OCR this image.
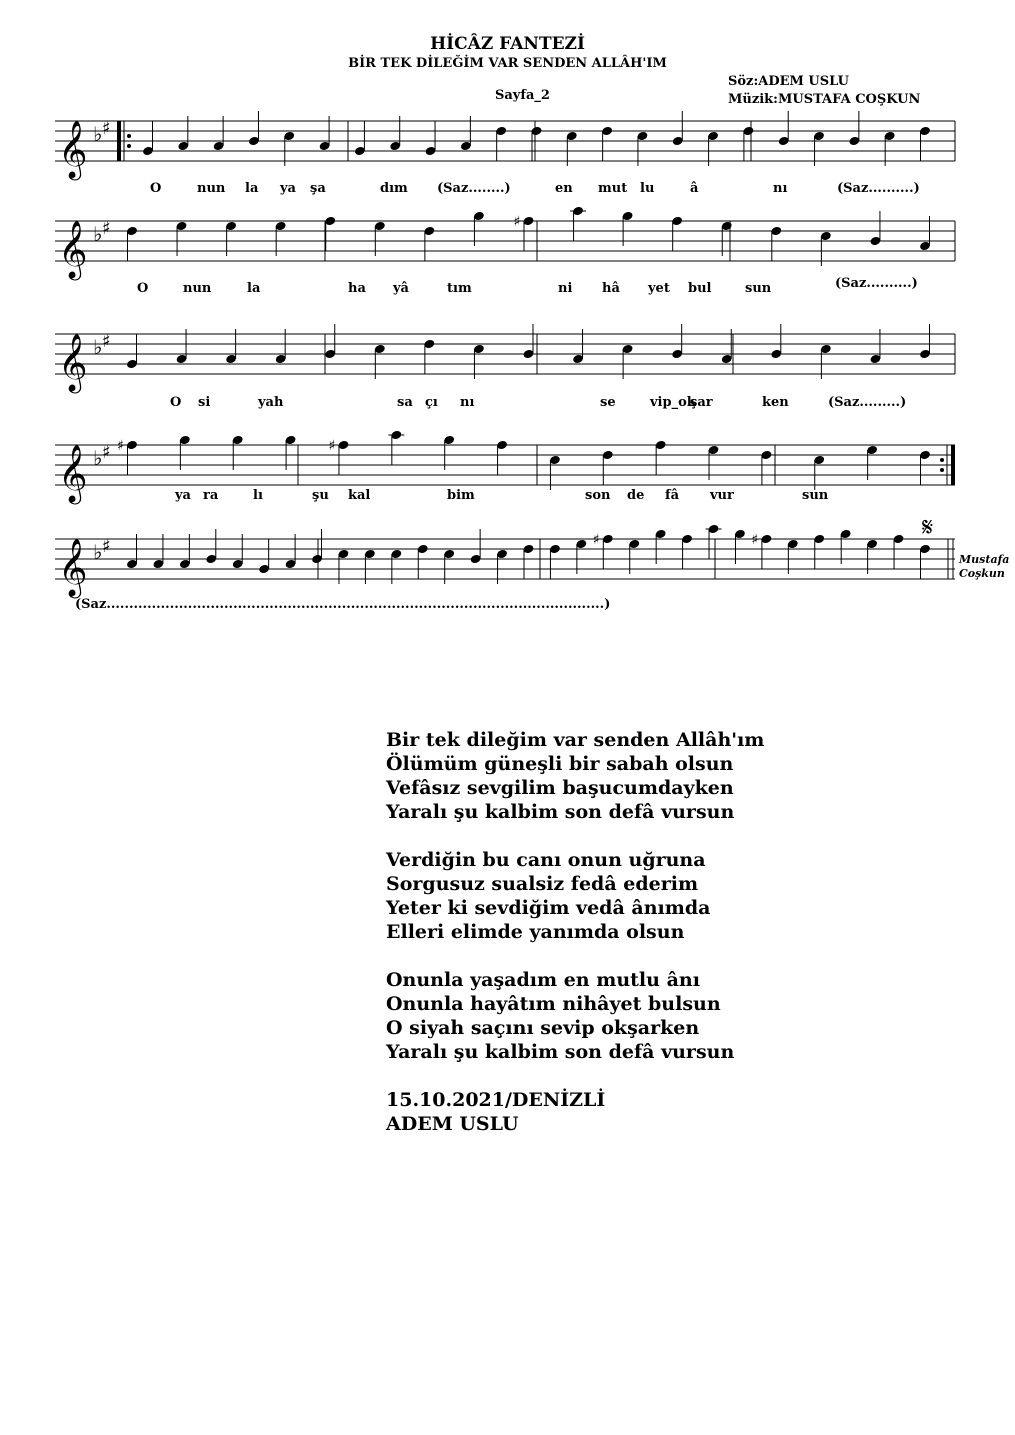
HİCÂZ FANTEZİ
BİR TEK DİLEĞİM VAR SENDEN ALLÂH'IM
Söz:ADEM USLU
Müzik:MUSTAFA COŞKUN
Sayfa_2
𝄞 ♭ ♯
O	nun la ya şa	dım	en mut lu	â	nı
(Saz........)	(Saz..........)
𝄞 ♭ ♯	♯
O	nun	la	ha yâ	tım	ni hâ yet bul	sun	(Saz..........)
𝄞 ♭ ♯
O si	yah	sa çı nı	se	vip_ok
şar	ken	(Saz.........)
𝄞 ♭ ♯ ♯	♯
ya ra	lı	şu kal	bim	son de fâ vur	sun
𝄞 ♭ ♯	♯	♯
(Saz..............................................................................................................)
𝄋
Mustafa
Coşkun
Bir tek dileğim var senden Allâh'ım
Ölümüm güneşli bir sabah olsun
Vefâsız sevgilim başucumdayken
Yaralı şu kalbim son defâ vursun
Verdiğin bu canı onun uğruna
Sorgusuz sualsiz fedâ ederim
Yeter ki sevdiğim vedâ ânımda
Elleri elimde yanımda olsun
Onunla yaşadım en mutlu ânı
Onunla hayâtım nihâyet bulsun
O siyah saçını sevip okşarken
Yaralı şu kalbim son defâ vursun
15.10.2021/DENİZLİ
ADEM USLU
